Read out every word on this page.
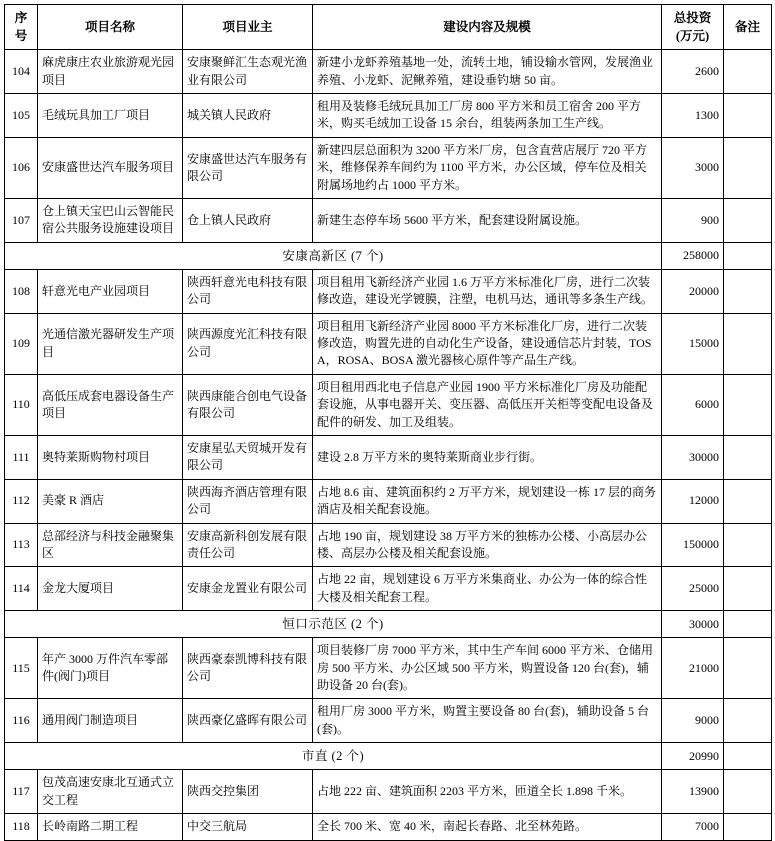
序号	项目名称	项目业主	建设内容及规模	总投资(万元)	备注
104	麻虎康庄农业旅游观光园项目	安康聚鲜汇生态观光渔业有限公司	新建小龙虾养殖基地一处，流转土地，铺设输水管网，发展渔业养殖、小龙虾、泥鳅养殖，建设垂钓塘 50 亩。	2600	
105	毛绒玩具加工厂项目	城关镇人民政府	租用及装修毛绒玩具加工厂房 800 平方米和员工宿舍 200 平方米，购买毛绒加工设备 15 余台，组装两条加工生产线。	1300	
106	安康盛世达汽车服务项目	安康盛世达汽车服务有限公司	新建四层总面积为 3200 平方米厂房，包含直营店展厅 720 平方米，维修保养车间约为 1100 平方米，办公区域，停车位及相关附属场地约占 1000 平方米。	3000	
107	仓上镇天宝巴山云智能民宿公共服务设施建设项目	仓上镇人民政府	新建生态停车场 5600 平方米，配套建设附属设施。	900	
安康高新区 (7 个)				258000	
108	轩意光电产业园项目	陕西轩意光电科技有限公司	项目租用飞新经济产业园 1.6 万平方米标准化厂房，进行二次装修改造，建设光学镀膜，注塑，电机马达，通讯等多条生产线。	20000	
109	光通信激光器研发生产项目	陕西源度光汇科技有限公司	项目租用飞新经济产业园 8000 平方米标准化厂房，进行二次装修改造，购置先进的自动化生产设备，建设通信芯片封装，TOSA，ROSA、BOSA 激光器核心原件等产品生产线。	15000	
110	高低压成套电器设备生产项目	陕西康能合创电气设备有限公司	项目租用西北电子信息产业园 1900 平方米标准化厂房及功能配套设施，从事电器开关、变压器、高低压开关柜等变配电设备及配件的研发、加工及组装。	6000	
111	奥特莱斯购物村项目	安康星弘天贸城开发有限公司	建设 2.8 万平方米的奥特莱斯商业步行街。	30000	
112	美豪 R 酒店	陕西海齐酒店管理有限公司	占地 8.6 亩、建筑面积约 2 万平方米，规划建设一栋 17 层的商务酒店及相关配套设施。	12000	
113	总部经济与科技金融聚集区	安康高新科创发展有限责任公司	占地 190 亩，规划建设 38 万平方米的独栋办公楼、小高层办公楼、高层办公楼及相关配套设施。	150000	
114	金龙大厦项目	安康金龙置业有限公司	占地 22 亩，规划建设 6 万平方米集商业、办公为一体的综合性大楼及相关配套工程。	25000	
恒口示范区 (2 个)				30000	
115	年产 3000 万件汽车零部件(阀门)项目	陕西豪泰凯博科技有限公司	项目装修厂房 7000 平方米，其中生产车间 6000 平方米、仓储用房 500 平方米、办公区域 500 平方米，购置设备 120 台(套)，辅助设备 20 台(套)。	21000	
116	通用阀门制造项目	陕西豪亿盛晖有限公司	租用厂房 3000 平方米，购置主要设备 80 台(套)，辅助设备 5 台(套)。	9000	
市直 (2 个)				20990	
117	包茂高速安康北互通式立交工程	陕西交控集团	占地 222 亩、建筑面积 2203 平方米，匝道全长 1.898 千米。	13900	
118	长岭南路二期工程	中交三航局	全长 700 米、宽 40 米，南起长春路、北至林苑路。	7000	
